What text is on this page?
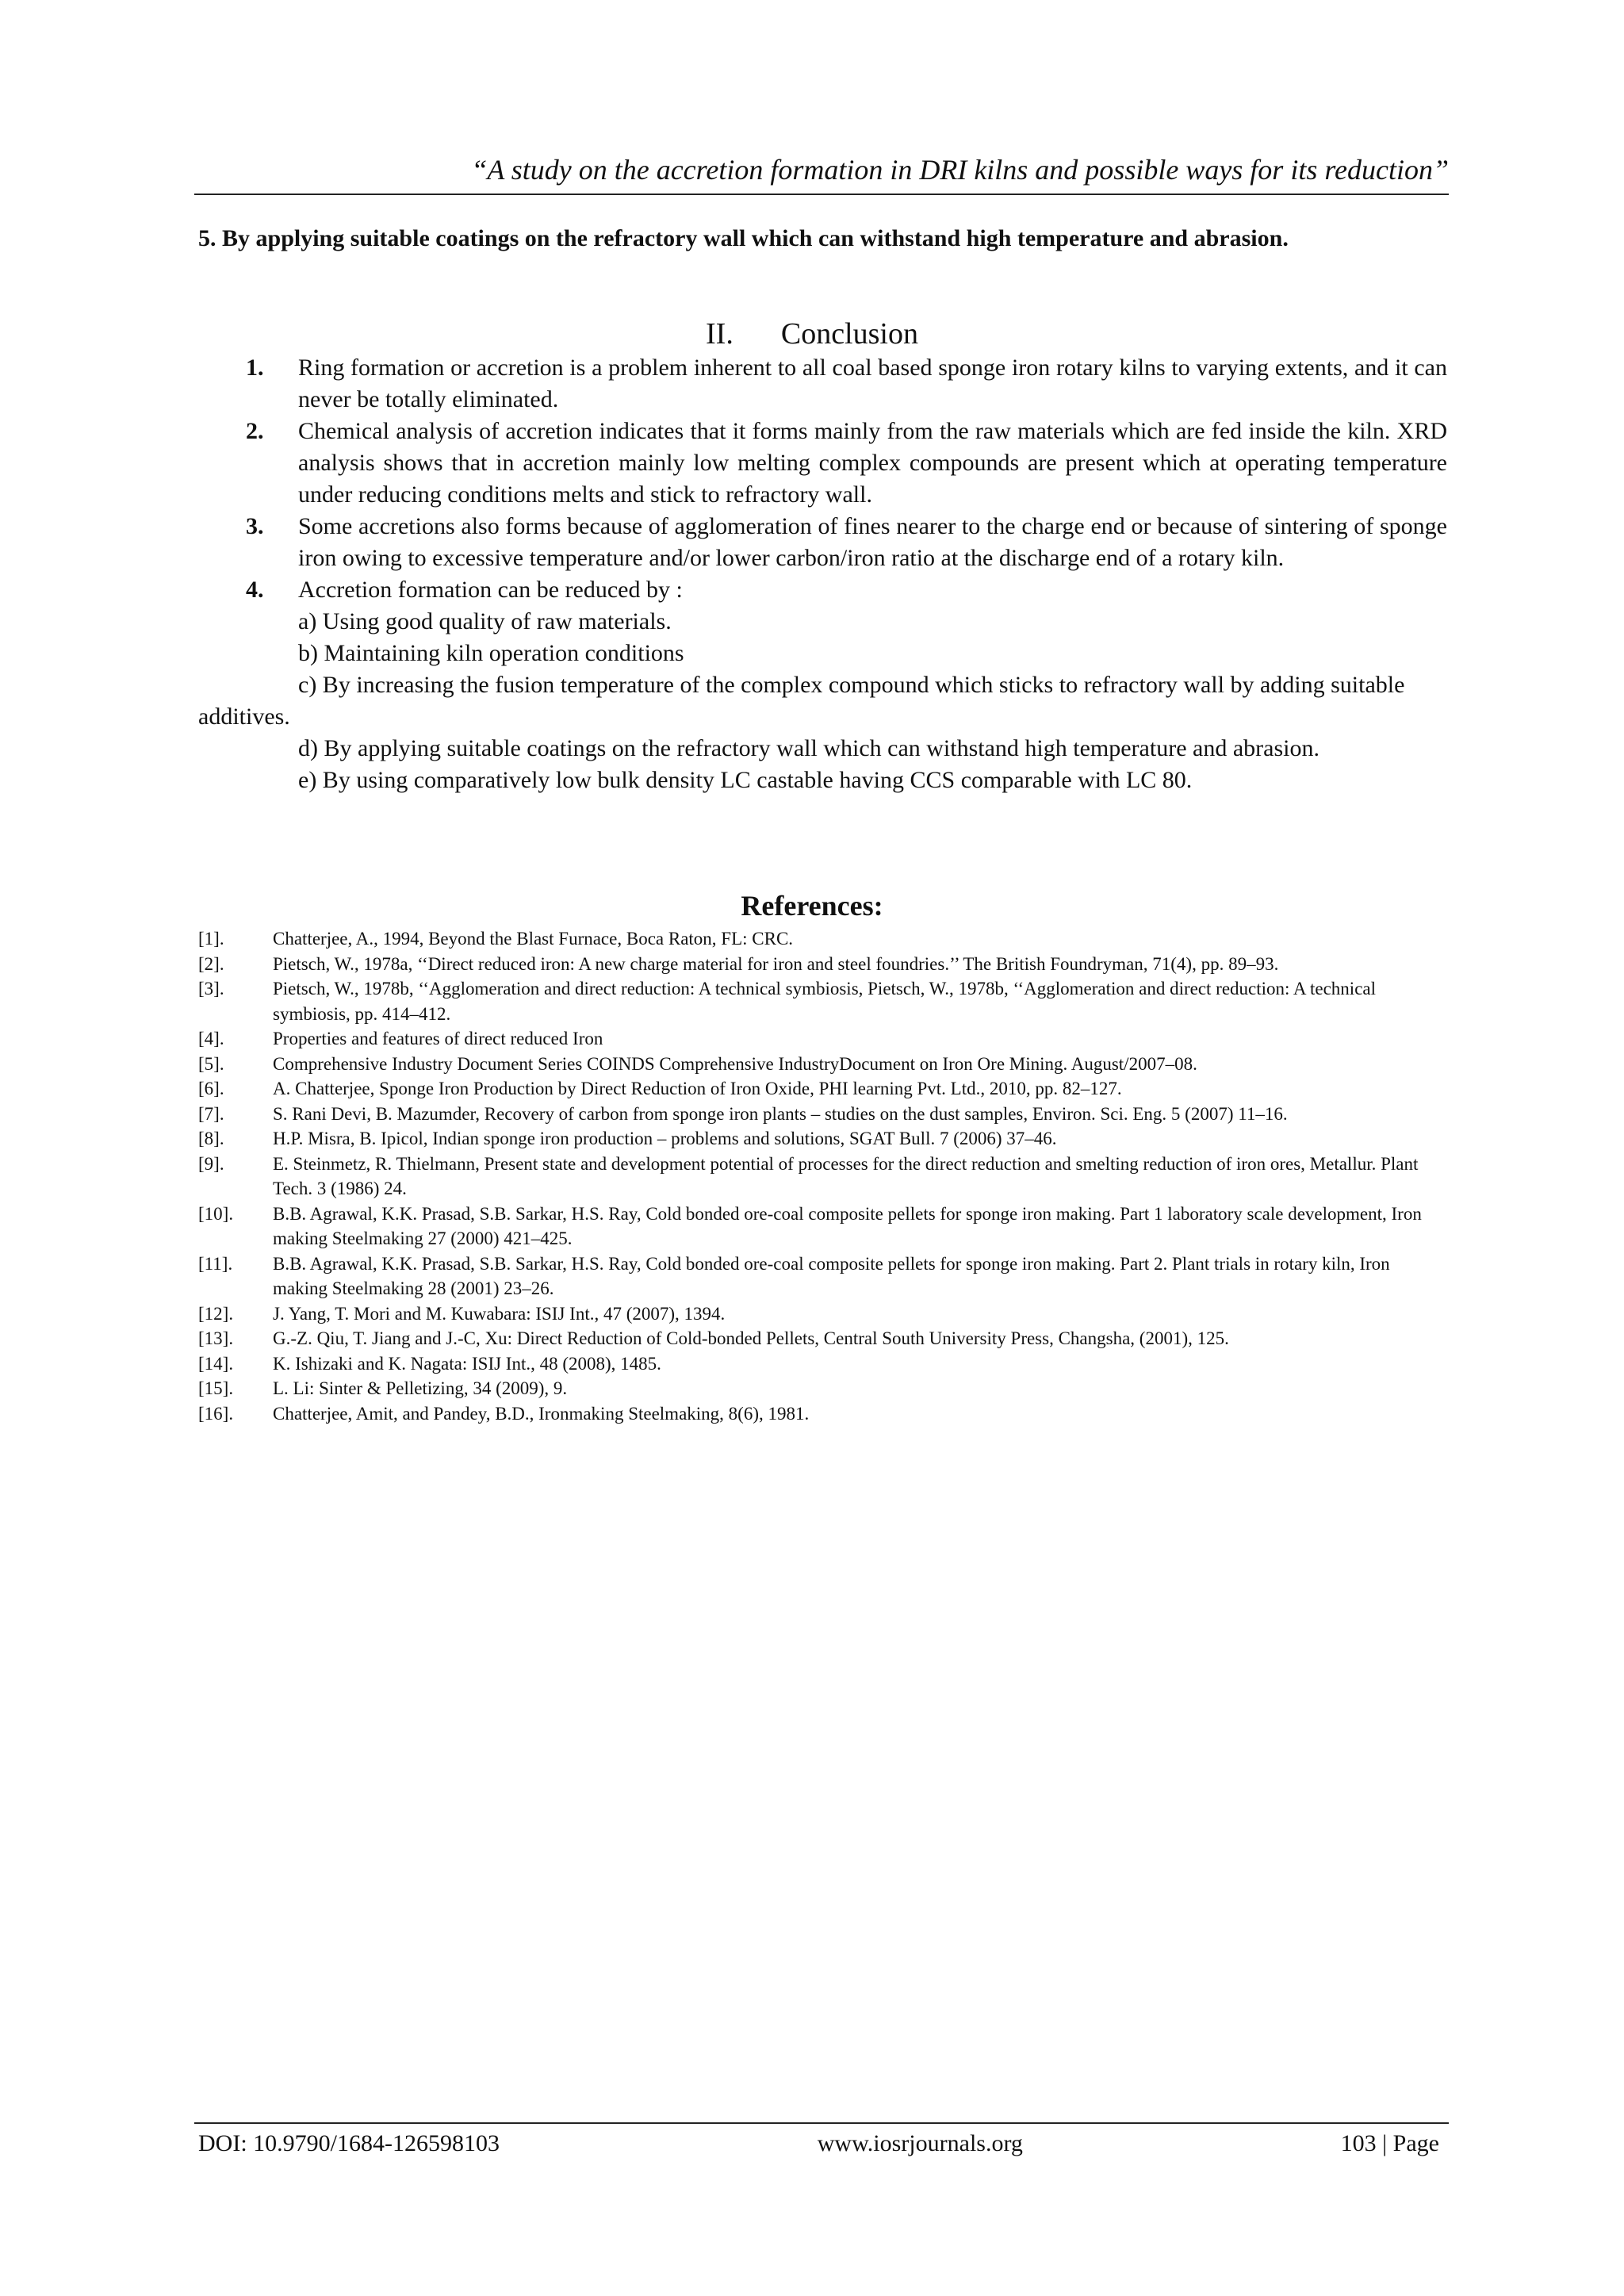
“A study on the accretion formation in DRI kilns and possible ways for its reduction”
5. By applying suitable coatings on the refractory wall which can withstand high temperature and abrasion.
II. Conclusion
1. Ring formation or accretion is a problem inherent to all coal based sponge iron rotary kilns to varying extents, and it can never be totally eliminated.
2. Chemical analysis of accretion indicates that it forms mainly from the raw materials which are fed inside the kiln. XRD analysis shows that in accretion mainly low melting complex compounds are present which at operating temperature under reducing conditions melts and stick to refractory wall.
3. Some accretions also forms because of agglomeration of fines nearer to the charge end or because of sintering of sponge iron owing to excessive temperature and/or lower carbon/iron ratio at the discharge end of a rotary kiln.
4. Accretion formation can be reduced by :
a) Using good quality of raw materials.
b) Maintaining kiln operation conditions
c) By increasing the fusion temperature of the complex compound which sticks to refractory wall by adding suitable additives.
d) By applying suitable coatings on the refractory wall which can withstand high temperature and abrasion.
e) By using comparatively low bulk density LC castable having CCS comparable with LC 80.
References:
[1].	Chatterjee, A., 1994, Beyond the Blast Furnace, Boca Raton, FL: CRC.
[2].	Pietsch, W., 1978a, ‘‘Direct reduced iron: A new charge material for iron and steel foundries.’’ The British Foundryman, 71(4), pp. 89–93.
[3].	Pietsch, W., 1978b, ‘‘Agglomeration and direct reduction: A technical symbiosis, Pietsch, W., 1978b, ‘‘Agglomeration and direct reduction: A technical symbiosis, pp. 414–412.
[4].	Properties and features of direct reduced Iron
[5].	Comprehensive Industry Document Series COINDS Comprehensive IndustryDocument on Iron Ore Mining. August/2007–08.
[6].	A. Chatterjee, Sponge Iron Production by Direct Reduction of Iron Oxide, PHI learning Pvt. Ltd., 2010, pp. 82–127.
[7].	S. Rani Devi, B. Mazumder, Recovery of carbon from sponge iron plants – studies on the dust samples, Environ. Sci. Eng. 5 (2007) 11–16.
[8].	H.P. Misra, B. Ipicol, Indian sponge iron production – problems and solutions, SGAT Bull. 7 (2006) 37–46.
[9].	E. Steinmetz, R. Thielmann, Present state and development potential of processes for the direct reduction and smelting reduction of iron ores, Metallur. Plant Tech. 3 (1986) 24.
[10]. B.B. Agrawal, K.K. Prasad, S.B. Sarkar, H.S. Ray, Cold bonded ore-coal composite pellets for sponge iron making. Part 1 laboratory scale development, Iron making Steelmaking 27 (2000) 421–425.
[11]. B.B. Agrawal, K.K. Prasad, S.B. Sarkar, H.S. Ray, Cold bonded ore-coal composite pellets for sponge iron making. Part 2. Plant trials in rotary kiln, Iron making Steelmaking 28 (2001) 23–26.
[12]. J. Yang, T. Mori and M. Kuwabara: ISIJ Int., 47 (2007), 1394.
[13]. G.-Z. Qiu, T. Jiang and J.-C, Xu: Direct Reduction of Cold-bonded Pellets, Central South University Press, Changsha, (2001), 125.
[14]. K. Ishizaki and K. Nagata: ISIJ Int., 48 (2008), 1485.
[15]. L. Li: Sinter & Pelletizing, 34 (2009), 9.
[16]. Chatterjee, Amit, and Pandey, B.D., Ironmaking Steelmaking, 8(6), 1981.
DOI: 10.9790/1684-126598103	www.iosrjournals.org	103 | Page
